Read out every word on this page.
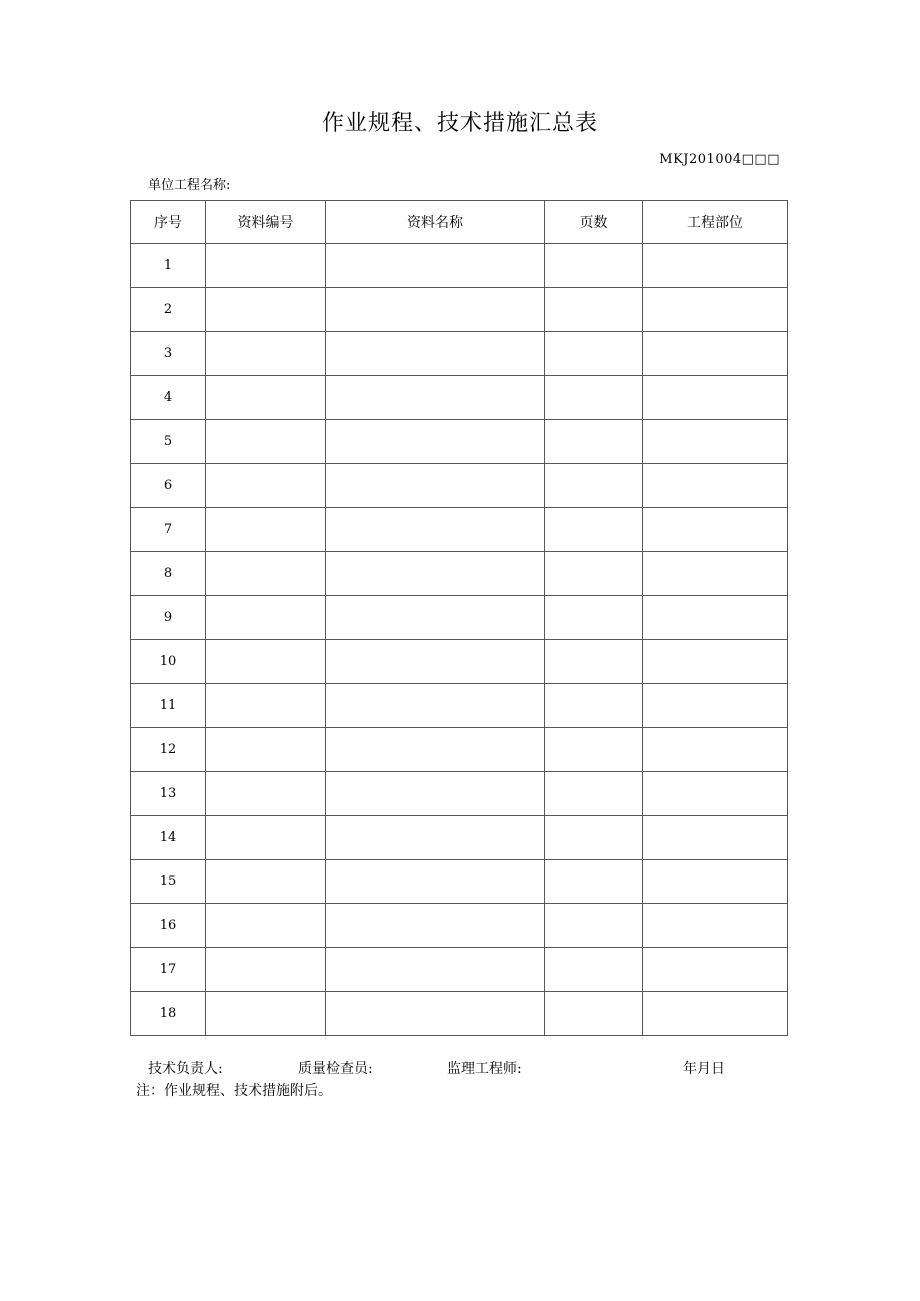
作业规程、技术措施汇总表
MKJ201004□□□
单位工程名称:
序号	资料编号	资料名称	页数	工程部位
1				
2				
3				
4				
5				
6				
7				
8				
9				
10				
11				
12				
13				
14				
15				
16				
17				
18				
技术负责人:	质量检查员:	监理工程师:	年月日
注：作业规程、技术措施附后。
